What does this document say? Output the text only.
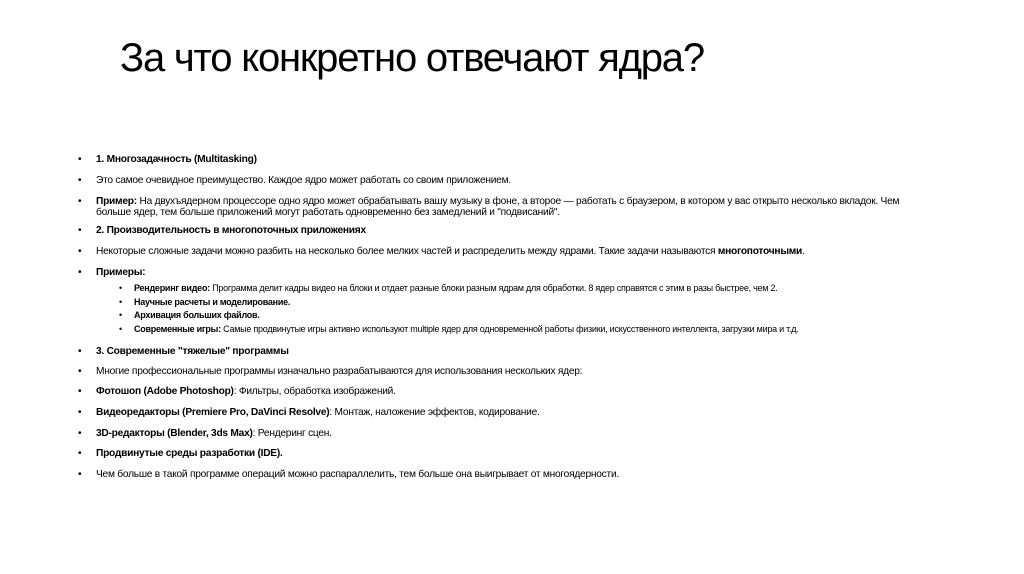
За что конкретно отвечают ядра?
• 1. Многозадачность (Multitasking)
• Это самое очевидное преимущество. Каждое ядро может работать со своим приложением.
• Пример: На двухъядерном процессоре одно ядро может обрабатывать вашу музыку в фоне, а второе — работать с браузером, в котором у вас открыто несколько вкладок. Чем больше ядер, тем больше приложений могут работать одновременно без замедлений и "подвисаний".
• 2. Производительность в многопоточных приложениях
• Некоторые сложные задачи можно разбить на несколько более мелких частей и распределить между ядрами. Такие задачи называются многопоточными.
• Примеры:
• Рендеринг видео: Программа делит кадры видео на блоки и отдает разные блоки разным ядрам для обработки. 8 ядер справятся с этим в разы быстрее, чем 2.
• Научные расчеты и моделирование.
• Архивация больших файлов.
• Современные игры: Самые продвинутые игры активно используют multiple ядер для одновременной работы физики, искусственного интеллекта, загрузки мира и т.д.
• 3. Современные "тяжелые" программы
• Многие профессиональные программы изначально разрабатываются для использования нескольких ядер:
• Фотошоп (Adobe Photoshop): Фильтры, обработка изображений.
• Видеоредакторы (Premiere Pro, DaVinci Resolve): Монтаж, наложение эффектов, кодирование.
• 3D-редакторы (Blender, 3ds Max): Рендеринг сцен.
• Продвинутые среды разработки (IDE).
• Чем больше в такой программе операций можно распараллелить, тем больше она выигрывает от многоядерности.
